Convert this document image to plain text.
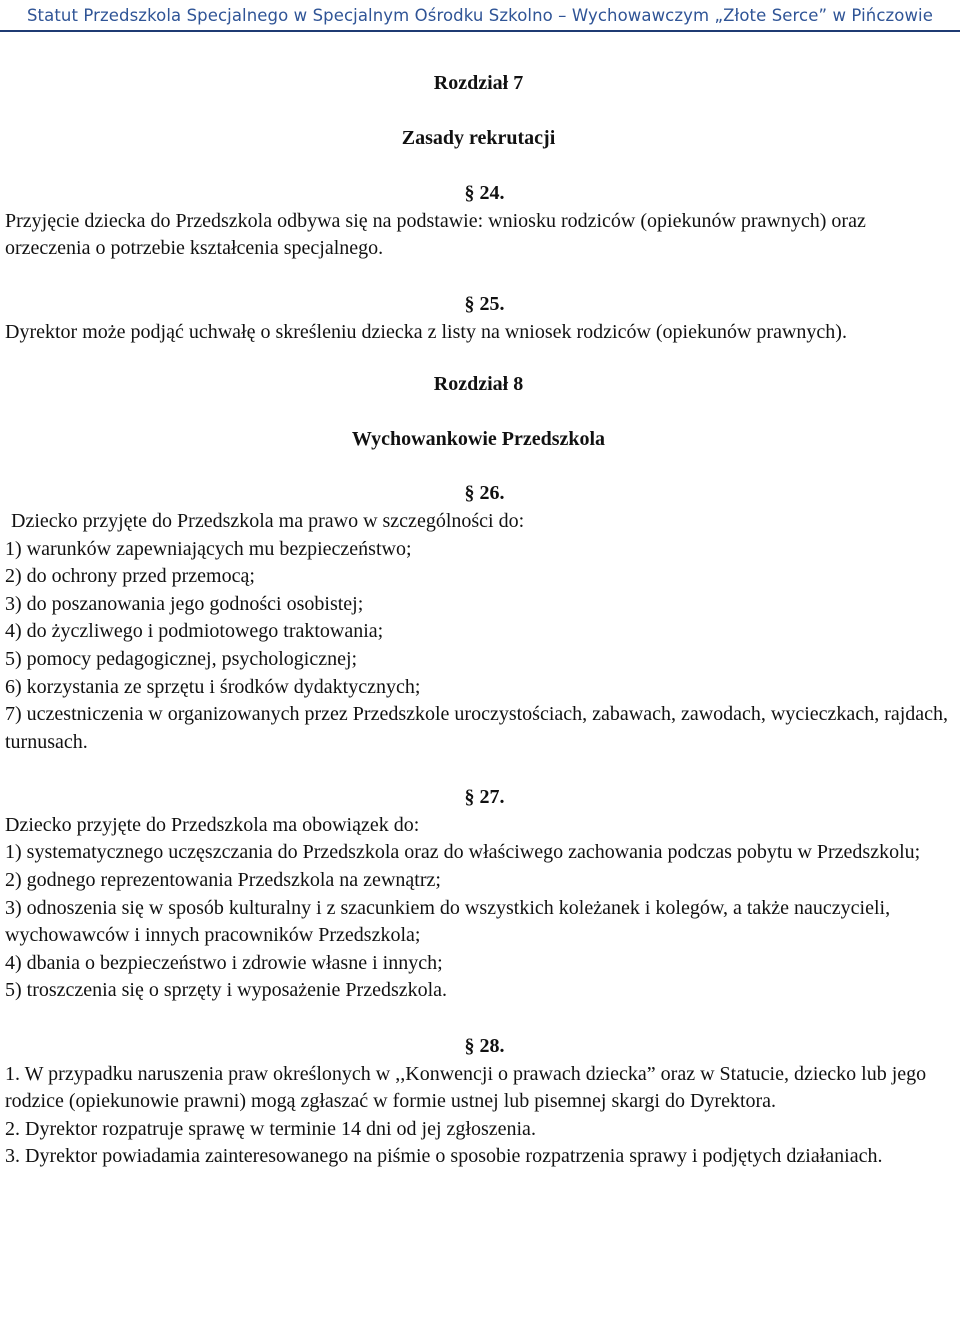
Statut Przedszkola Specjalnego w Specjalnym Ośrodku Szkolno – Wychowawczym „Złote Serce” w Pińczowie

Rozdział 7

Zasady rekrutacji

§ 24.

Przyjęcie dziecka do Przedszkola odbywa się na podstawie: wniosku rodziców (opiekunów prawnych) oraz orzeczenia o potrzebie kształcenia specjalnego.

§ 25.

Dyrektor może podjąć uchwałę o skreśleniu dziecka z listy na wniosek rodziców (opiekunów prawnych).

Rozdział 8

Wychowankowie Przedszkola

§ 26.

Dziecko przyjęte do Przedszkola ma prawo w szczególności do:

1) warunków zapewniających mu bezpieczeństwo;

2) do ochrony przed przemocą;

3) do poszanowania jego godności osobistej;

4) do życzliwego i podmiotowego traktowania;

5) pomocy pedagogicznej, psychologicznej;

6) korzystania ze sprzętu i środków dydaktycznych;

7) uczestniczenia w organizowanych przez Przedszkole uroczystościach, zabawach, zawodach, wycieczkach, rajdach, turnusach.

§ 27.

Dziecko przyjęte do Przedszkola ma obowiązek do:

1) systematycznego uczęszczania do Przedszkola oraz do właściwego zachowania podczas pobytu w Przedszkolu;

2) godnego reprezentowania Przedszkola na zewnątrz;

3) odnoszenia się w sposób kulturalny i z szacunkiem do wszystkich koleżanek i kolegów, a także nauczycieli, wychowawców i innych pracowników Przedszkola;

4) dbania o bezpieczeństwo i zdrowie własne i innych;

5) troszczenia się o sprzęty i wyposażenie Przedszkola.

§ 28.

1. W przypadku naruszenia praw określonych w ,,Konwencji o prawach dziecka” oraz w Statucie, dziecko lub jego rodzice (opiekunowie prawni) mogą zgłaszać w formie ustnej lub pisemnej skargi do Dyrektora.

2. Dyrektor rozpatruje sprawę w terminie 14 dni od jej zgłoszenia.

3. Dyrektor powiadamia zainteresowanego na piśmie o sposobie rozpatrzenia sprawy i podjętych działaniach.
